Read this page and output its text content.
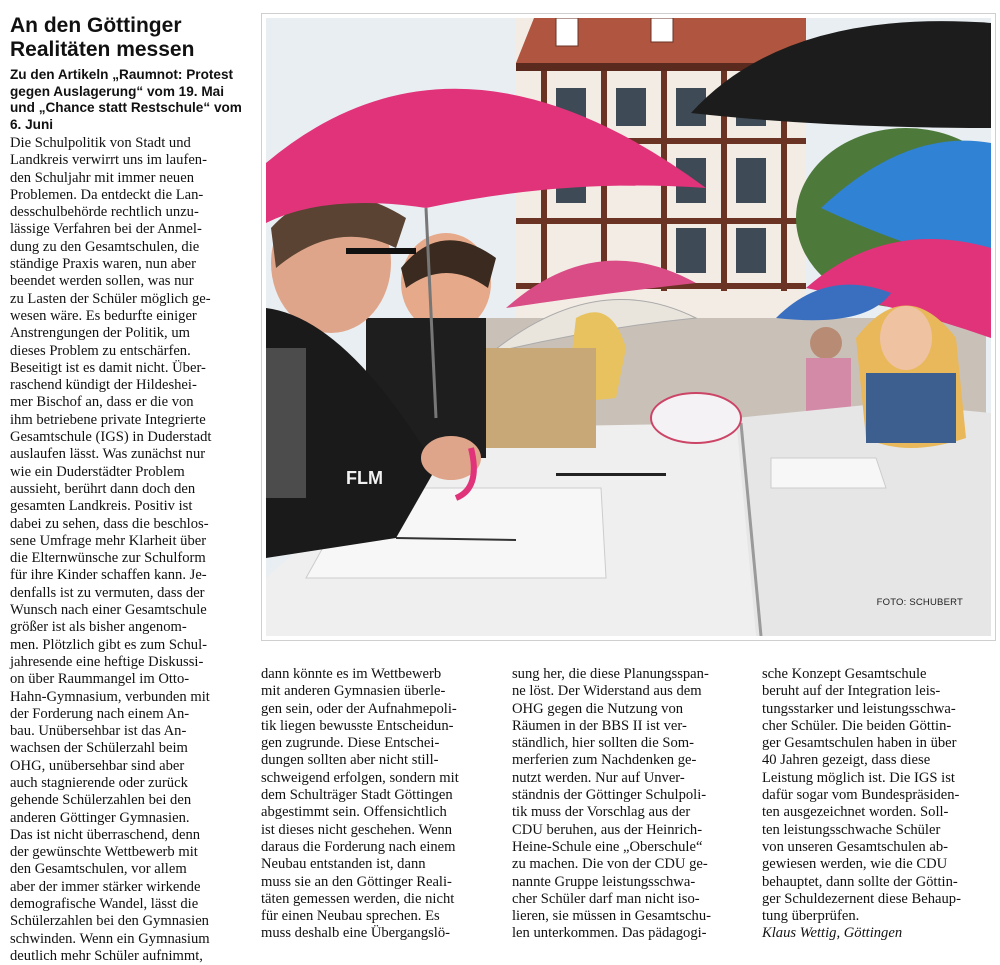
An den Göttinger
Realitäten messen

Zu den Artikeln „Raumnot: Protest
gegen Auslagerung“ vom 19. Mai
und „Chance statt Restschule“ vom
6. Juni

Die Schulpolitik von Stadt und
Landkreis verwirrt uns im laufen-
den Schuljahr mit immer neuen
Problemen. Da entdeckt die Lan-
desschulbehörde rechtlich unzu-
lässige Verfahren bei der Anmel-
dung zu den Gesamtschulen, die
ständige Praxis waren, nun aber
beendet werden sollen, was nur
zu Lasten der Schüler möglich ge-
wesen wäre. Es bedurfte einiger
Anstrengungen der Politik, um
dieses Problem zu entschärfen.
Beseitigt ist es damit nicht. Über-
raschend kündigt der Hildeshei-
mer Bischof an, dass er die von
ihm betriebene private Integrierte
Gesamtschule (IGS) in Duderstadt
auslaufen lässt. Was zunächst nur
wie ein Duderstädter Problem
aussieht, berührt dann doch den
gesamten Landkreis. Positiv ist
dabei zu sehen, dass die beschlos-
sene Umfrage mehr Klarheit über
die Elternwünsche zur Schulform
für ihre Kinder schaffen kann. Je-
denfalls ist zu vermuten, dass der
Wunsch nach einer Gesamtschule
größer ist als bisher angenom-
men. Plötzlich gibt es zum Schul-
jahresende eine heftige Diskussi-
on über Raummangel im Otto-
Hahn-Gymnasium, verbunden mit
der Forderung nach einem An-
bau. Unübersehbar ist das An-
wachsen der Schülerzahl beim
OHG, unübersehbar sind aber
auch stagnierende oder zurück
gehende Schülerzahlen bei den
anderen Göttinger Gymnasien.
Das ist nicht überraschend, denn
der gewünschte Wettbewerb mit
den Gesamtschulen, vor allem
aber der immer stärker wirkende
demografische Wandel, lässt die
Schülerzahlen bei den Gymnasien
schwinden. Wenn ein Gymnasium
deutlich mehr Schüler aufnimmt,
dann könnte es im Wettbewerb
mit anderen Gymnasien überle-
gen sein, oder der Aufnahmepoli-
tik liegen bewusste Entscheidun-
gen zugrunde. Diese Entschei-
dungen sollten aber nicht still-
schweigend erfolgen, sondern mit
dem Schulträger Stadt Göttingen
abgestimmt sein. Offensichtlich
ist dieses nicht geschehen. Wenn
daraus die Forderung nach einem
Neubau entstanden ist, dann
muss sie an den Göttinger Reali-
täten gemessen werden, die nicht
für einen Neubau sprechen. Es
muss deshalb eine Übergangslö-
sung her, die diese Planungsspan-
ne löst. Der Widerstand aus dem
OHG gegen die Nutzung von
Räumen in der BBS II ist ver-
ständlich, hier sollten die Som-
merferien zum Nachdenken ge-
nutzt werden. Nur auf Unver-
ständnis der Göttinger Schulpoli-
tik muss der Vorschlag aus der
CDU beruhen, aus der Heinrich-
Heine-Schule eine „Oberschule“
zu machen. Die von der CDU ge-
nannte Gruppe leistungsschwa-
cher Schüler darf man nicht iso-
lieren, sie müssen in Gesamtschu-
len unterkommen. Das pädagogi-
sche Konzept Gesamtschule
beruht auf der Integration leis-
tungsstarker und leistungsschwa-
cher Schüler. Die beiden Göttin-
ger Gesamtschulen haben in über
40 Jahren gezeigt, dass diese
Leistung möglich ist. Die IGS ist
dafür sogar vom Bundespräsiden-
ten ausgezeichnet worden. Soll-
ten leistungsschwache Schüler
von unseren Gesamtschulen ab-
gewiesen werden, wie die CDU
behauptet, dann sollte der Göttin-
ger Schuldezernent diese Behaup-
tung überprüfen.
Klaus Wettig, Göttingen
FLM
FOTO: SCHUBERT
